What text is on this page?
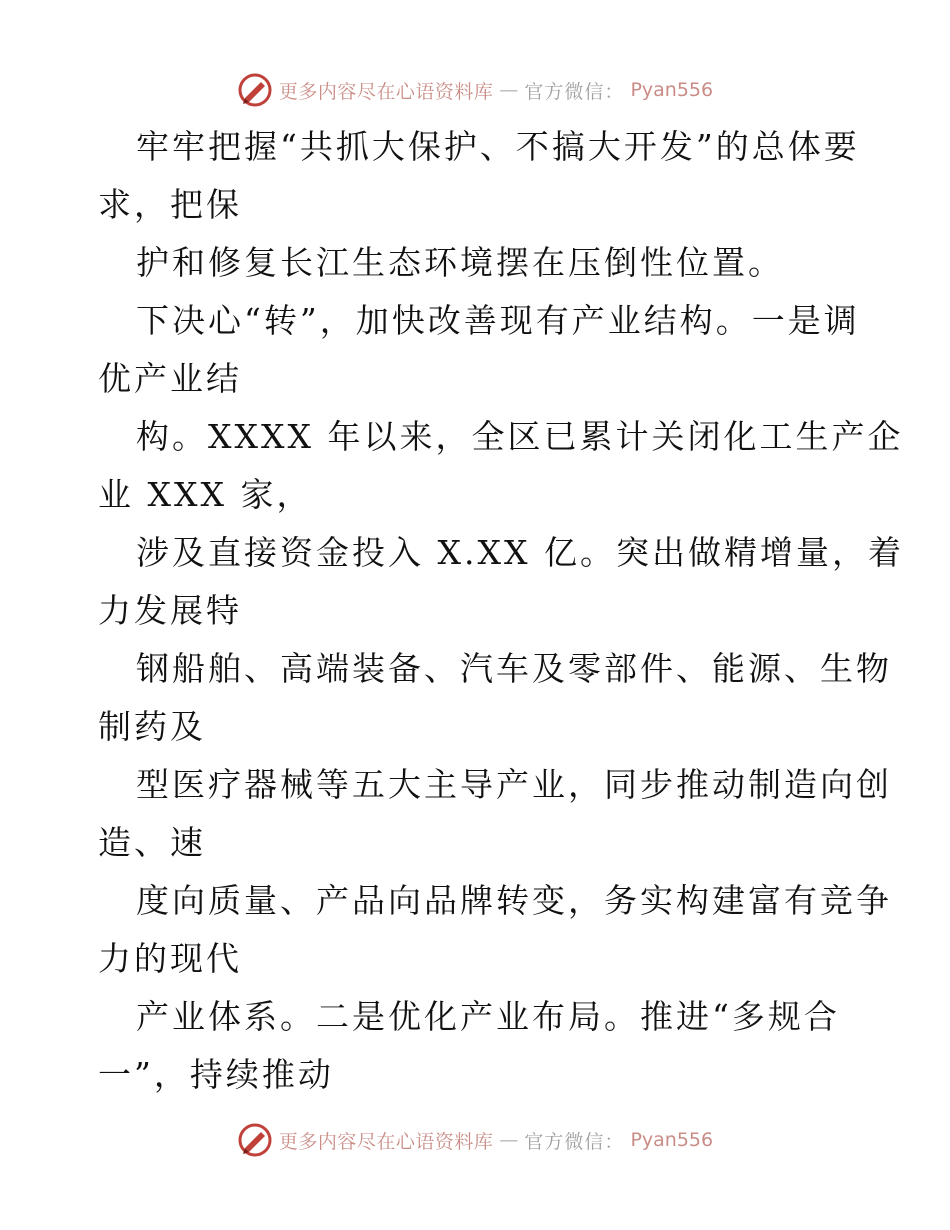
更多内容尽在心语资料库 — 官方微信： Pyan556

牢牢把握“共抓大保护、不搞大开发”的总体要

求，把保

护和修复长江生态环境摆在压倒性位置。

下决心“转”，加快改善现有产业结构。一是调

优产业结

构。XXXX 年以来，全区已累计关闭化工生产企

业 XXX 家，

涉及直接资金投入 X.XX 亿。突出做精增量，着

力发展特

钢船舶、高端装备、汽车及零部件、能源、生物

制药及

型医疗器械等五大主导产业，同步推动制造向创

造、速

度向质量、产品向品牌转变，务实构建富有竞争

力的现代

产业体系。二是优化产业布局。推进“多规合

一”，持续推动

更多内容尽在心语资料库 — 官方微信： Pyan556
